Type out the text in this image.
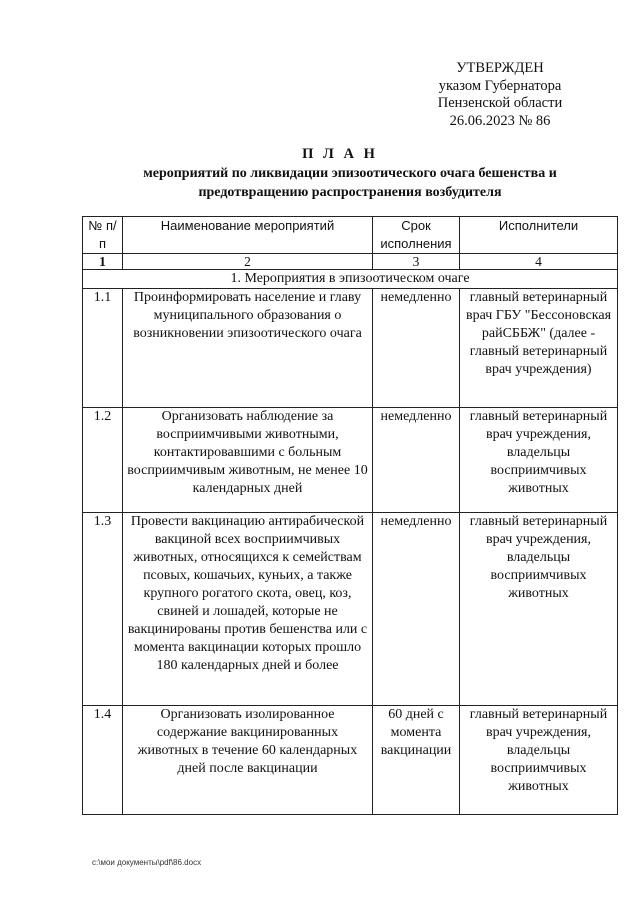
УТВЕРЖДЕН
указом Губернатора
Пензенской области
26.06.2023 № 86
П Л А Н
мероприятий по ликвидации эпизоотического очага бешенства и
предотвращению распространения возбудителя
№ п/п	Наименование мероприятий	Срок исполнения	Исполнители
1	2	3	4
1. Мероприятия в эпизоотическом очаге			
1.1	Проинформировать население и главу муниципального образования о возникновении эпизоотического очага	немедленно	главный ветеринарный врач ГБУ "Бессоновская райСББЖ" (далее - главный ветеринарный врач учреждения)
1.2	Организовать наблюдение за восприимчивыми животными, контактировавшими с больным восприимчивым животным, не менее 10 календарных дней	немедленно	главный ветеринарный врач учреждения, владельцы восприимчивых животных
1.3	Провести вакцинацию антирабической вакциной всех восприимчивых животных, относящихся к семействам псовых, кошачьих, куньих, а также крупного рогатого скота, овец, коз, свиней и лошадей, которые не вакцинированы против бешенства или с момента вакцинации которых прошло 180 календарных дней и более	немедленно	главный ветеринарный врач учреждения, владельцы восприимчивых животных
1.4	Организовать изолированное содержание вакцинированных животных в течение 60 календарных дней после вакцинации	60 дней с момента вакцинации	главный ветеринарный врач учреждения, владельцы восприимчивых животных
c:\мои документы\pdf\86.docx
